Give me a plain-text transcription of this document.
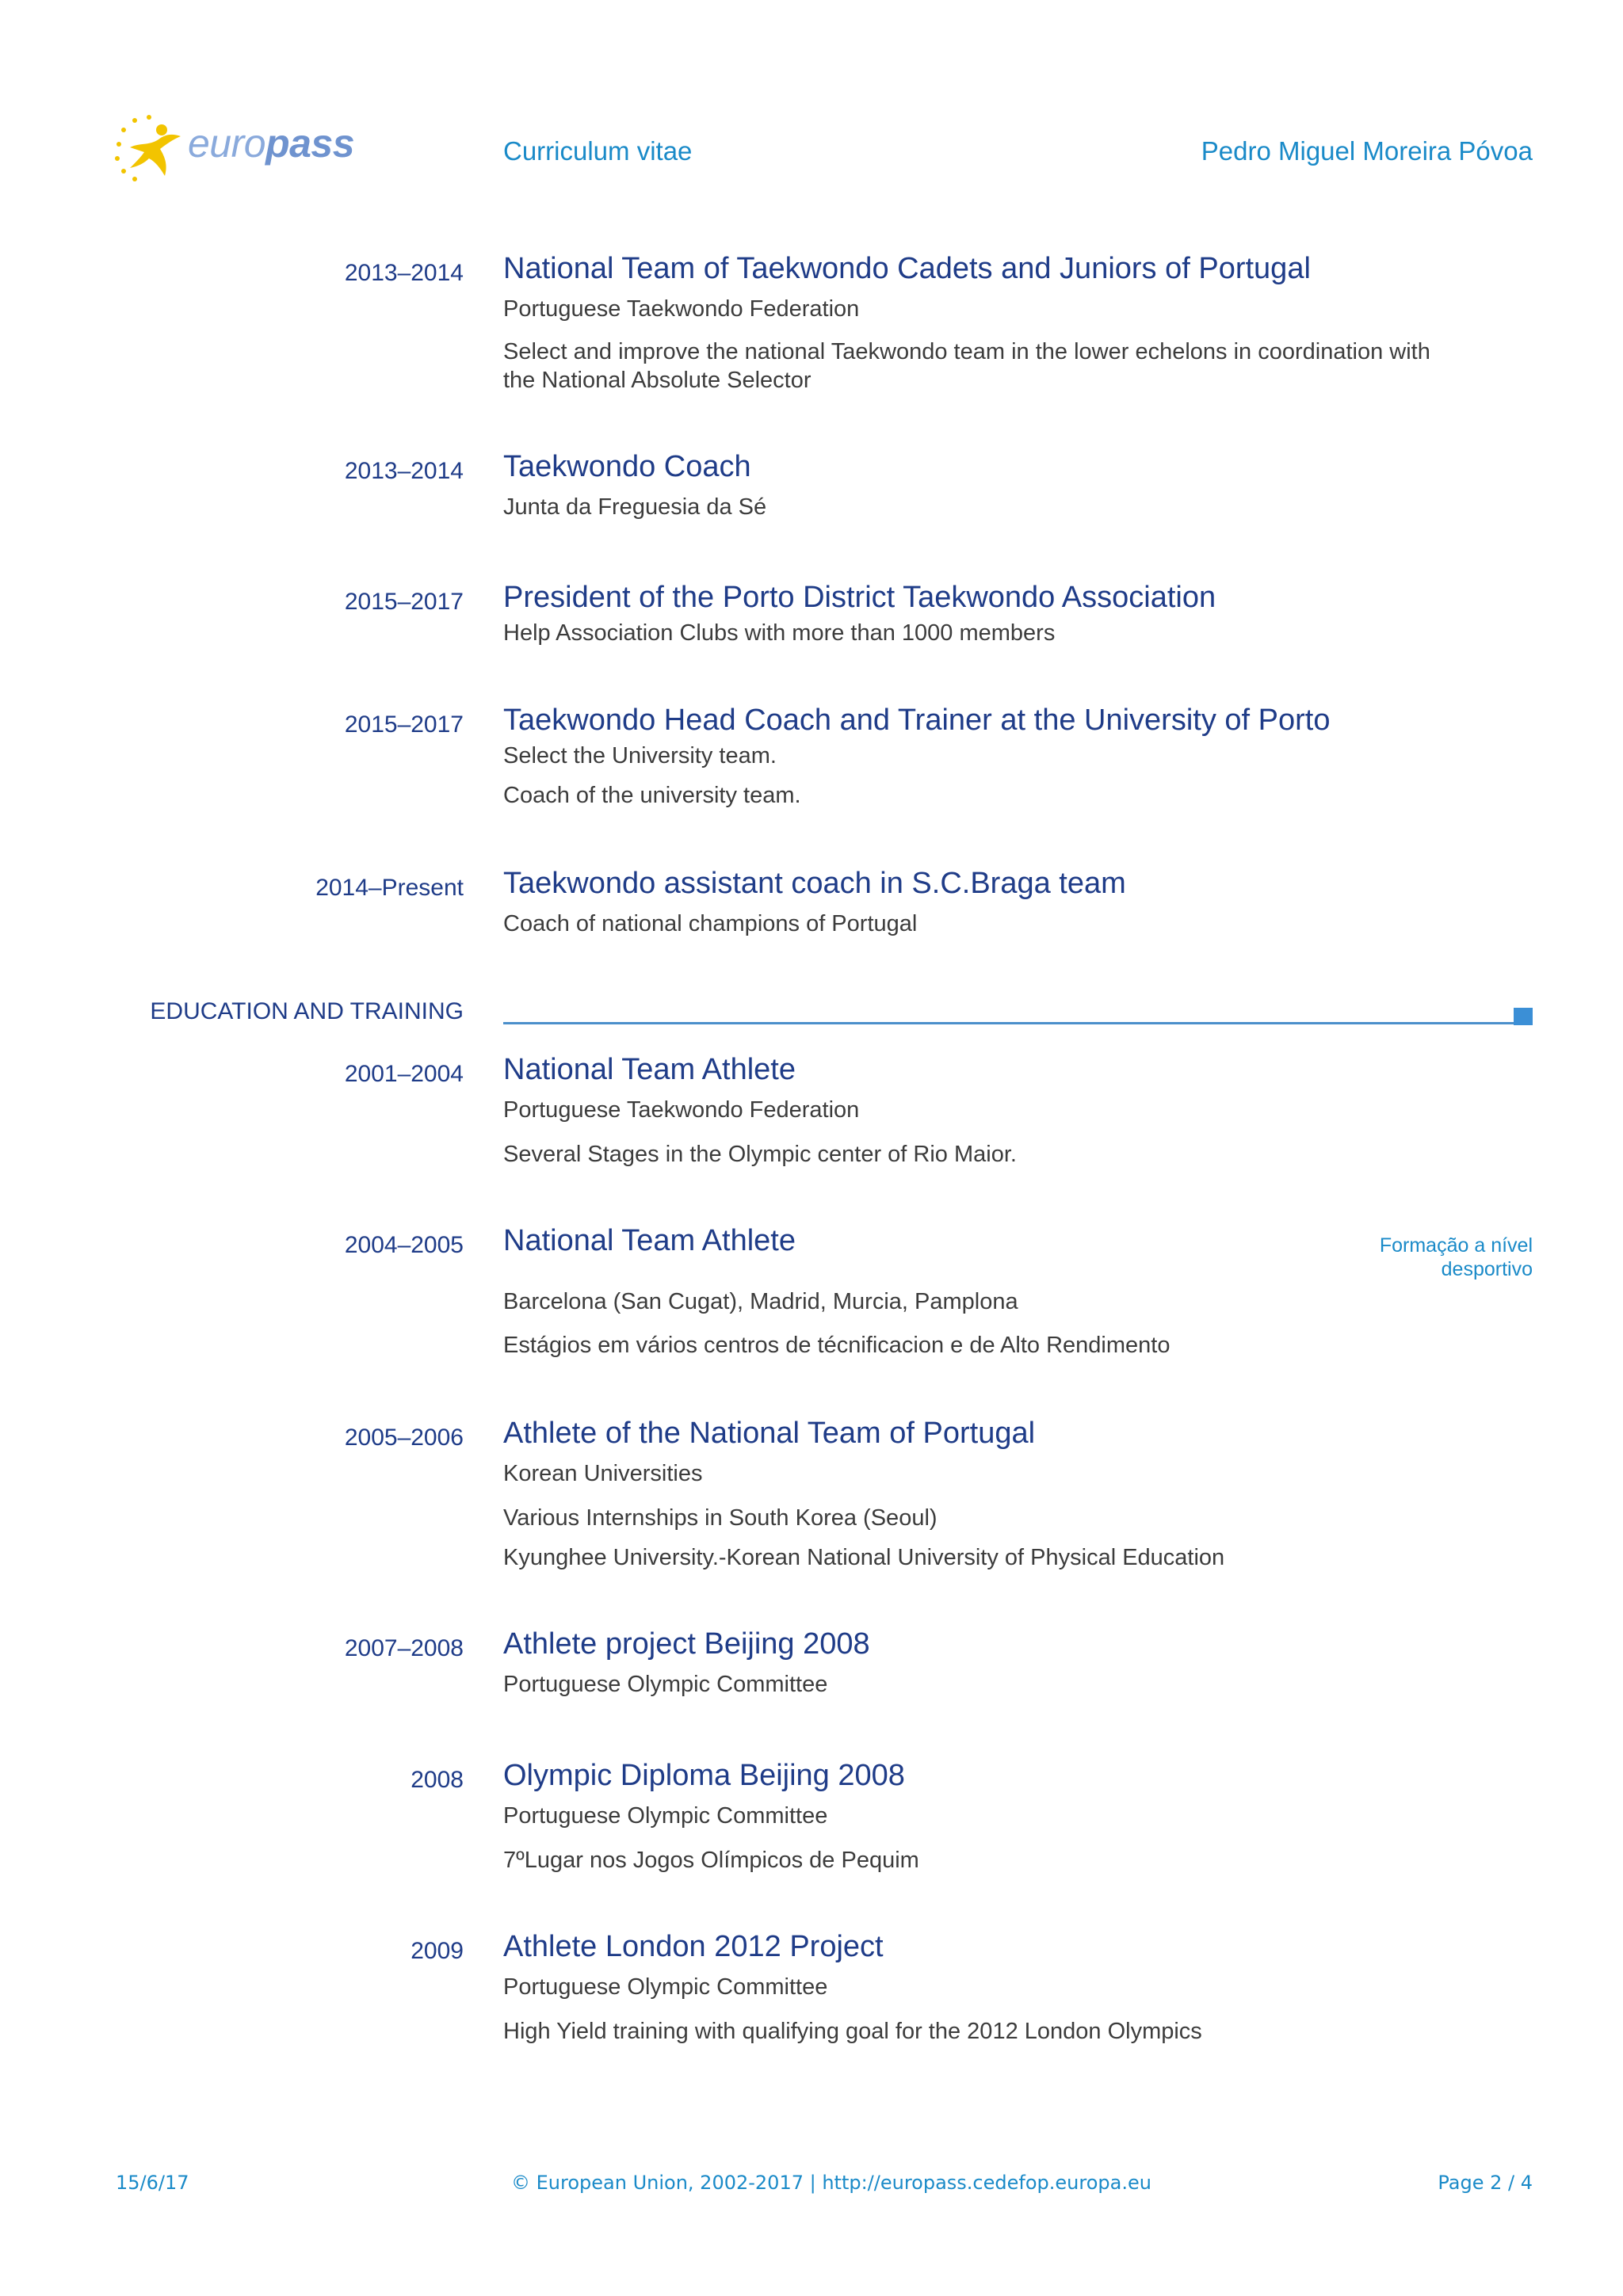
europass	Curriculum vitae	Pedro Miguel Moreira Póvoa
2013–2014 National Team of Taekwondo Cadets and Juniors of Portugal
Portuguese Taekwondo Federation
Select and improve the national Taekwondo team in the lower echelons in coordination with the National Absolute Selector
2013–2014 Taekwondo Coach
Junta da Freguesia da Sé
2015–2017 President of the Porto District Taekwondo Association
Help Association Clubs with more than 1000 members
2015–2017 Taekwondo Head Coach and Trainer at the University of Porto
Select the University team.
Coach of the university team.
2014–Present Taekwondo assistant coach in S.C.Braga team
Coach of national champions of Portugal
EDUCATION AND TRAINING
2001–2004 National Team Athlete
Portuguese Taekwondo Federation
Several Stages in the Olympic center of Rio Maior.
2004–2005 National Team Athlete	Formação a nível
desportivo
Barcelona (San Cugat), Madrid, Murcia, Pamplona
Estágios em vários centros de técnificacion e de Alto Rendimento
2005–2006 Athlete of the National Team of Portugal
Korean Universities
Various Internships in South Korea (Seoul)
Kyunghee University.-Korean National University of Physical Education
2007–2008 Athlete project Beijing 2008
Portuguese Olympic Committee
2008 Olympic Diploma Beijing 2008
Portuguese Olympic Committee
7ºLugar nos Jogos Olímpicos de Pequim
2009 Athlete London 2012 Project
Portuguese Olympic Committee
High Yield training with qualifying goal for the 2012 London Olympics
15/6/17	© European Union, 2002-2017 | http://europass.cedefop.europa.eu	Page 2 / 4
